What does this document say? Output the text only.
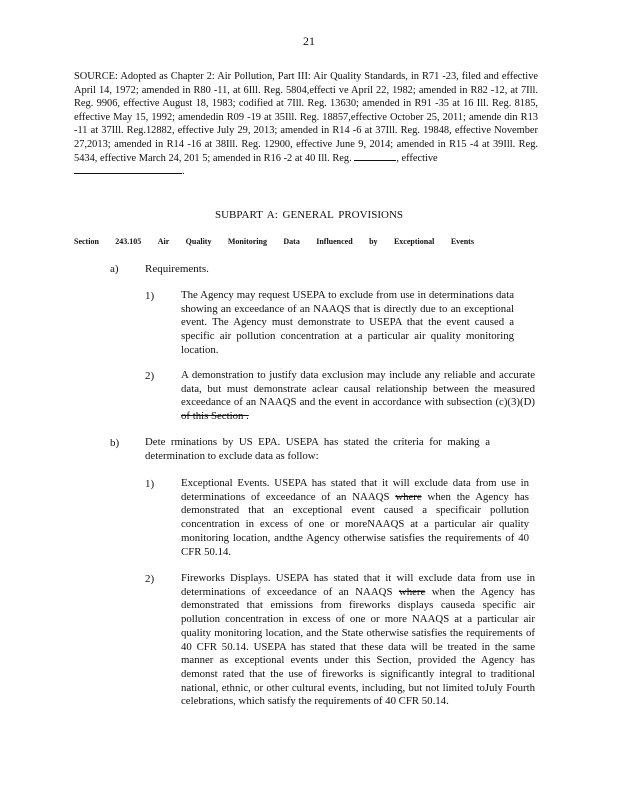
21
SOURCE: Adopted as Chapter 2: Air Pollution, Part III: Air Quality Standards, in R71 -23, filed and effective April 14, 1972; amended in R80 -11, at 6Ill. Reg. 5804,effecti ve April 22, 1982; amended in R82 -12, at 7Ill. Reg. 9906, effective August 18, 1983; codified at 7Ill. Reg. 13630; amended in R91 -35 at 16 Ill. Reg. 8185, effective May 15, 1992; amendedin R09 -19 at 35Ill. Reg. 18857,effective October 25, 2011; amende din R13 -11 at 37Ill. Reg.12882, effective July 29, 2013; amended in R14 -6 at 37Ill. Reg. 19848, effective November 27,2013; amended in R14 -16 at 38Ill. Reg. 12900, effective June 9, 2014; amended in R15 -4 at 39Ill. Reg. 5434, effective March 24, 201 5; amended in R16 -2 at 40 Ill. Reg.	, effective
.
SUBPART A: GENERAL PROVISIONS
Section 243.105 Air Quality Monitoring Data Influenced by Exceptional Events
a) Requirements.
1) The Agency may request USEPA to exclude from use in determinations data showing an exceedance of an NAAQS that is directly due to an exceptional event. The Agency must demonstrate to USEPA that the event caused a specific air pollution concentration at a particular air quality monitoring location.
2) A demonstration to justify data exclusion may include any reliable and accurate data, but must demonstrate aclear causal relationship between the measured exceedance of an NAAQS and the event in accordance with subsection (c)(3)(D) of this Section .
b) Dete rminations by US EPA. USEPA has stated the criteria for making a determination to exclude data as follow:
1) Exceptional Events. USEPA has stated that it will exclude data from use in determinations of exceedance of an NAAQS where when the Agency has demonstrated that an exceptional event caused a specificair pollution concentration in excess of one or moreNAAQS at a particular air quality monitoring location, andthe Agency otherwise satisfies the requirements of 40 CFR 50.14.
2) Fireworks Displays. USEPA has stated that it will exclude data from use in determinations of exceedance of an NAAQS where when the Agency has demonstrated that emissions from fireworks displays causeda specific air pollution concentration in excess of one or more NAAQS at a particular air quality monitoring location, and the State otherwise satisfies the requirements of 40 CFR 50.14. USEPA has stated that these data will be treated in the same manner as exceptional events under this Section, provided the Agency has demonst rated that the use of fireworks is significantly integral to traditional national, ethnic, or other cultural events, including, but not limited toJuly Fourth celebrations, which satisfy the requirements of 40 CFR 50.14.
